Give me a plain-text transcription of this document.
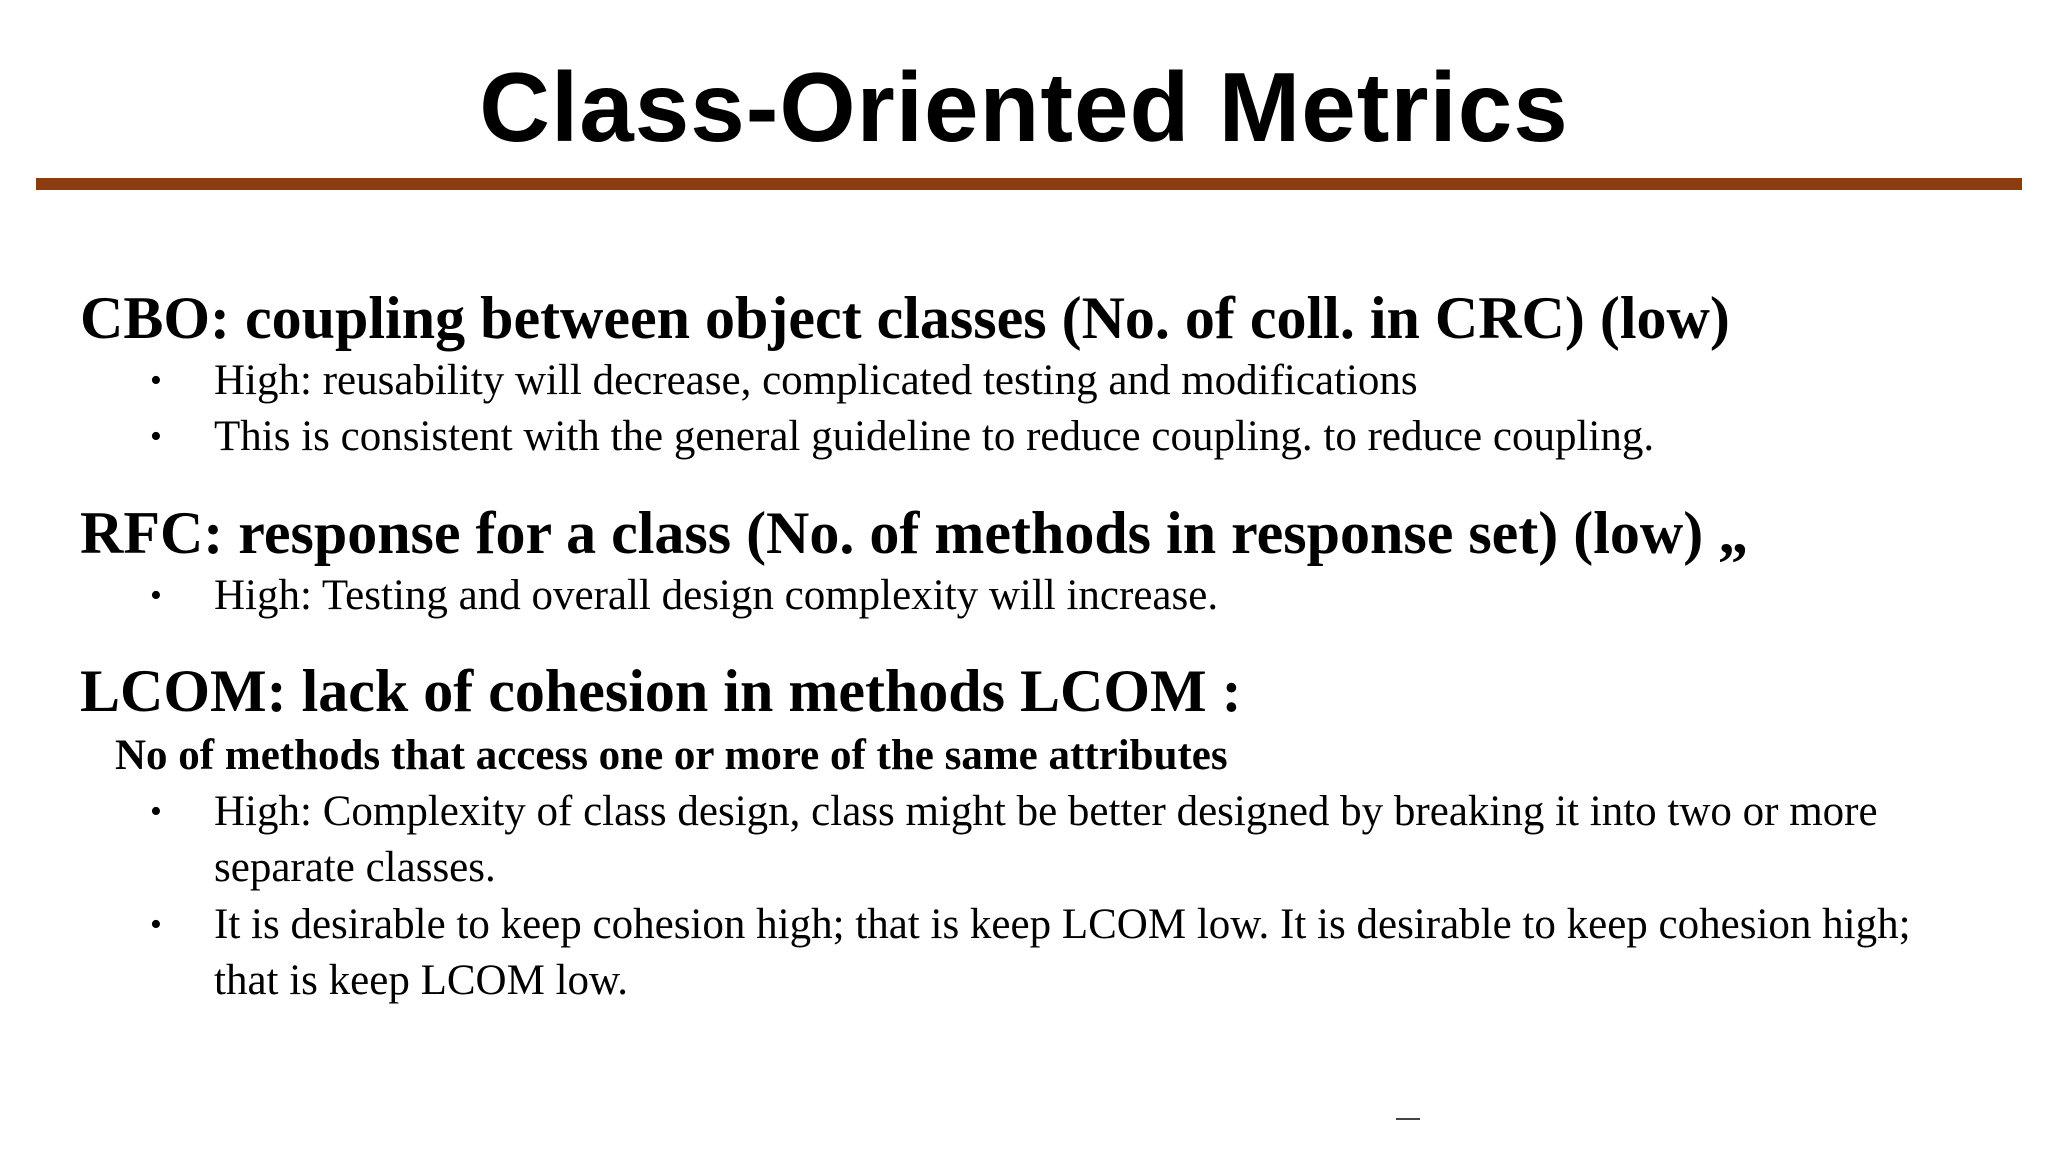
Class-Oriented Metrics
CBO: coupling between object classes (No. of coll. in CRC) (low)
•	High: reusability will decrease, complicated testing and modifications
•	This is consistent with the general guideline to reduce coupling. to reduce coupling.
RFC: response for a class (No. of methods in response set) (low) „
•	High: Testing and overall design complexity will increase.
LCOM: lack of cohesion in methods LCOM :
No of methods that access one or more of the same attributes
•	High: Complexity of class design, class might be better designed by breaking it into two or more separate classes.
•	It is desirable to keep cohesion high; that is keep LCOM low. It is desirable to keep cohesion high; that is keep LCOM low.
